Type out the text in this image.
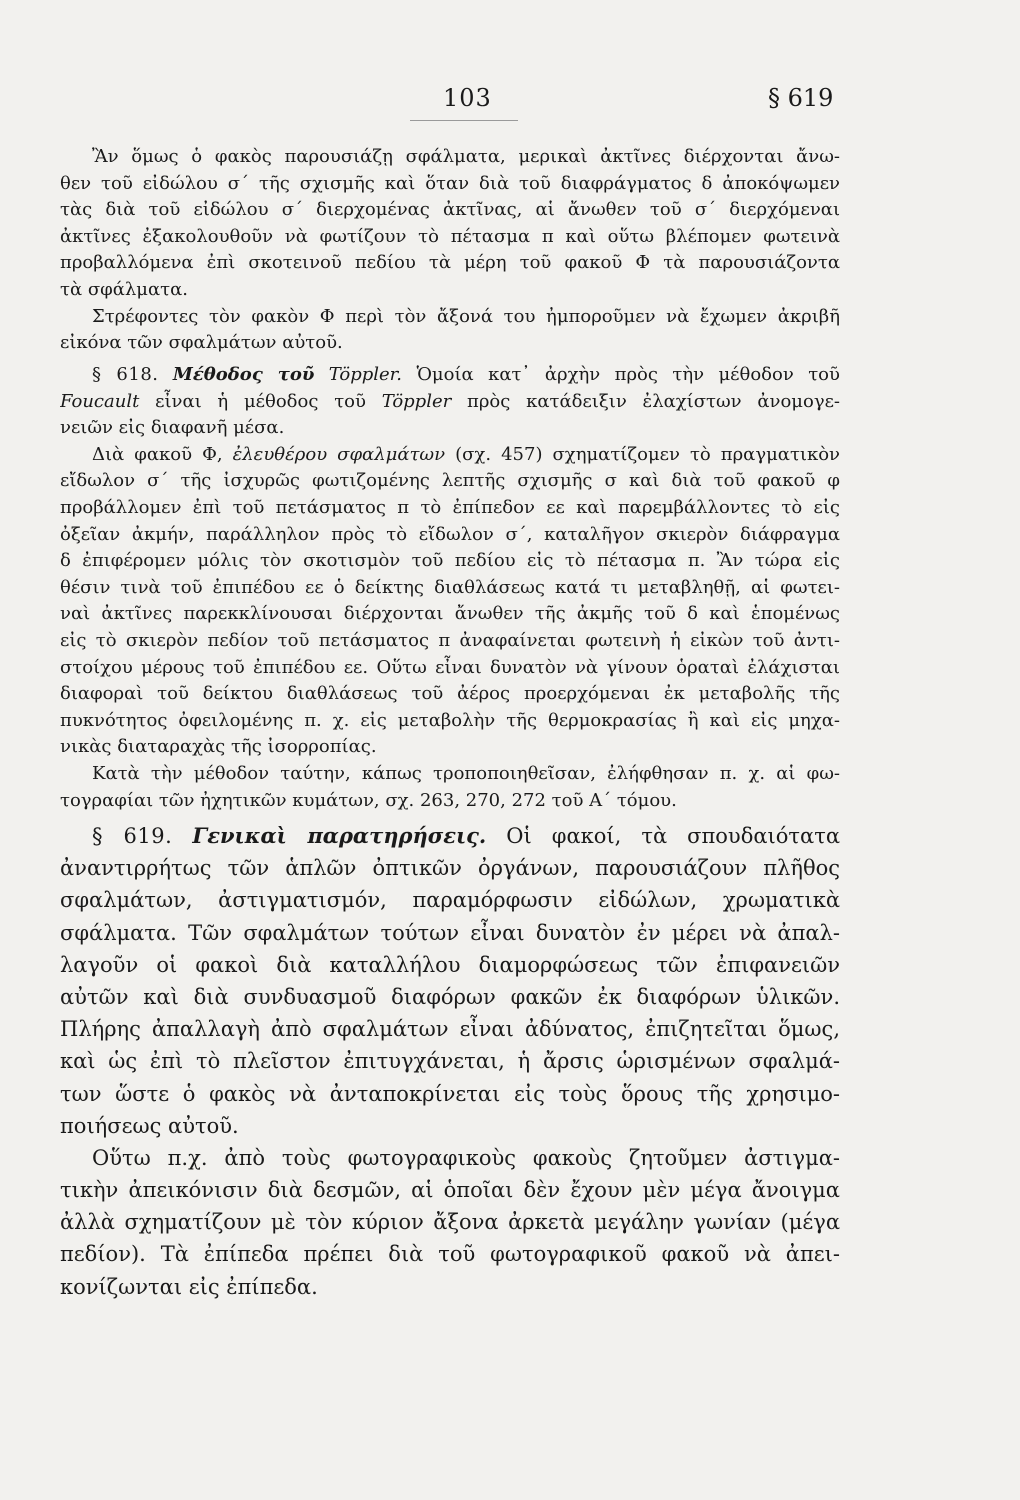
103	§ 619
Ἂν ὅμως ὁ φακὸς παρουσιάζῃ σφάλματα, μερικαὶ ἀκτῖνες διέρχονται ἄνω-
θεν τοῦ εἰδώλου σ΄ τῆς σχισμῆς καὶ ὅταν διὰ τοῦ διαφράγματος δ ἀποκόψωμεν
τὰς διὰ τοῦ εἰδώλου σ΄ διερχομένας ἀκτῖνας, αἱ ἄνωθεν τοῦ σ΄ διερχόμεναι
ἀκτῖνες ἐξακολουθοῦν νὰ φωτίζουν τὸ πέτασμα π καὶ οὕτω βλέπομεν φωτεινὰ
προβαλλόμενα ἐπὶ σκοτεινοῦ πεδίου τὰ μέρη τοῦ φακοῦ Φ τὰ παρουσιάζοντα
τὰ σφάλματα.
Στρέφοντες τὸν φακὸν Φ περὶ τὸν ἄξονά του ἠμποροῦμεν νὰ ἔχωμεν ἀκριβῆ
εἰκόνα τῶν σφαλμάτων αὐτοῦ.
§ 618. Μέθοδος τοῦ Töppler. Ὁμοία κατ᾽ ἀρχὴν πρὸς τὴν μέθοδον τοῦ
Foucault εἶναι ἡ μέθοδος τοῦ Töppler πρὸς κατάδειξιν ἐλαχίστων ἀνομογε-
νειῶν εἰς διαφανῆ μέσα.
Διὰ φακοῦ Φ, ἐλευθέρου σφαλμάτων (σχ. 457) σχηματίζομεν τὸ πραγματικὸν
εἴδωλον σ΄ τῆς ἰσχυρῶς φωτιζομένης λεπτῆς σχισμῆς σ καὶ διὰ τοῦ φακοῦ φ
προβάλλομεν ἐπὶ τοῦ πετάσματος π τὸ ἐπίπεδον εε καὶ παρεμβάλλοντες τὸ εἰς
ὀξεῖαν ἀκμήν, παράλληλον πρὸς τὸ εἴδωλον σ΄, καταλῆγον σκιερὸν διάφραγμα
δ ἐπιφέρομεν μόλις τὸν σκοτισμὸν τοῦ πεδίου εἰς τὸ πέτασμα π. Ἂν τώρα εἰς
θέσιν τινὰ τοῦ ἐπιπέδου εε ὁ δείκτης διαθλάσεως κατά τι μεταβληθῇ, αἱ φωτει-
ναὶ ἀκτῖνες παρεκκλίνουσαι διέρχονται ἄνωθεν τῆς ἀκμῆς τοῦ δ καὶ ἑπομένως
εἰς τὸ σκιερὸν πεδίον τοῦ πετάσματος π ἀναφαίνεται φωτεινὴ ἡ εἰκὼν τοῦ ἀντι-
στοίχου μέρους τοῦ ἐπιπέδου εε. Οὕτω εἶναι δυνατὸν νὰ γίνουν ὁραταὶ ἐλάχισται
διαφοραὶ τοῦ δείκτου διαθλάσεως τοῦ ἀέρος προερχόμεναι ἐκ μεταβολῆς τῆς
πυκνότητος ὀφειλομένης π. χ. εἰς μεταβολὴν τῆς θερμοκρασίας ἢ καὶ εἰς μηχα-
νικὰς διαταραχὰς τῆς ἰσορροπίας.
Κατὰ τὴν μέθοδον ταύτην, κάπως τροποποιηθεῖσαν, ἐλήφθησαν π. χ. αἱ φω-
τογραφίαι τῶν ἠχητικῶν κυμάτων, σχ. 263, 270, 272 τοῦ Α΄ τόμου.
§ 619. Γενικαὶ παρατηρήσεις. Οἱ φακοί, τὰ σπουδαιότατα
ἀναντιρρήτως τῶν ἁπλῶν ὀπτικῶν ὀργάνων, παρουσιάζουν πλῆθος
σφαλμάτων, ἀστιγματισμόν, παραμόρφωσιν εἰδώλων, χρωματικὰ
σφάλματα. Τῶν σφαλμάτων τούτων εἶναι δυνατὸν ἐν μέρει νὰ ἀπαλ-
λαγοῦν οἱ φακοὶ διὰ καταλλήλου διαμορφώσεως τῶν ἐπιφανειῶν
αὐτῶν καὶ διὰ συνδυασμοῦ διαφόρων φακῶν ἐκ διαφόρων ὑλικῶν.
Πλήρης ἀπαλλαγὴ ἀπὸ σφαλμάτων εἶναι ἀδύνατος, ἐπιζητεῖται ὅμως,
καὶ ὡς ἐπὶ τὸ πλεῖστον ἐπιτυγχάνεται, ἡ ἄρσις ὡρισμένων σφαλμά-
των ὥστε ὁ φακὸς νὰ ἀνταποκρίνεται εἰς τοὺς ὅρους τῆς χρησιμο-
ποιήσεως αὐτοῦ.
Οὕτω π.χ. ἀπὸ τοὺς φωτογραφικοὺς φακοὺς ζητοῦμεν ἀστιγμα-
τικὴν ἀπεικόνισιν διὰ δεσμῶν, αἱ ὁποῖαι δὲν ἔχουν μὲν μέγα ἄνοιγμα
ἀλλὰ σχηματίζουν μὲ τὸν κύριον ἄξονα ἀρκετὰ μεγάλην γωνίαν (μέγα
πεδίον). Τὰ ἐπίπεδα πρέπει διὰ τοῦ φωτογραφικοῦ φακοῦ νὰ ἀπει-
κονίζωνται εἰς ἐπίπεδα.
